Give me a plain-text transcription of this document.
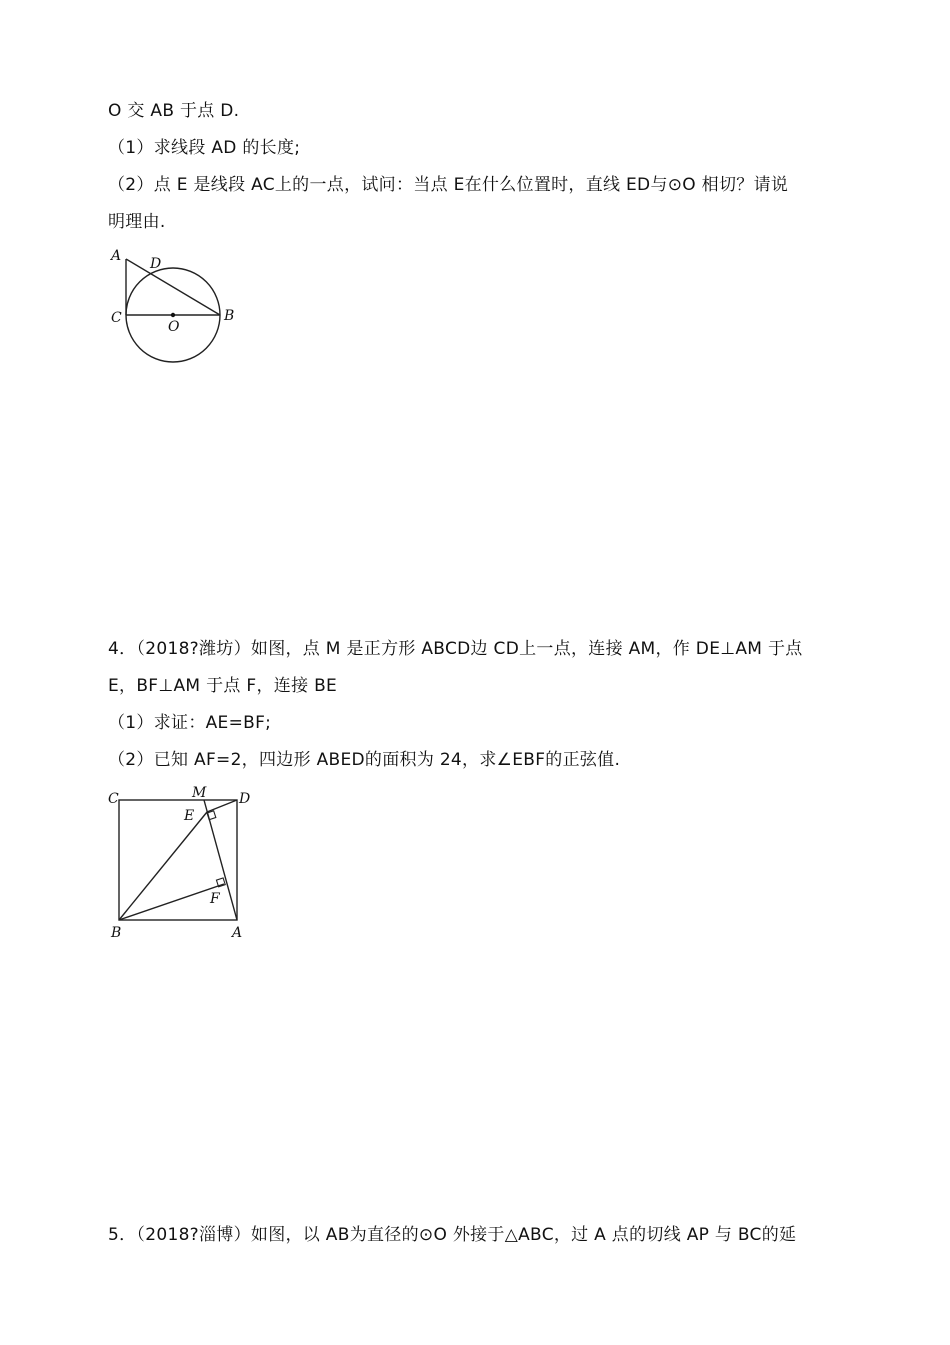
O 交 AB 于点 D.
（1）求线段 AD 的长度;
（2）点 E 是线段 AC上的一点，试问：当点 E在什么位置时，直线 ED与⊙O 相切？请说
明理由.
A D
C
O
B
4．（2018?潍坊）如图，点 M 是正方形 ABCD边 CD上一点，连接 AM，作 DE⊥AM 于点
E，BF⊥AM 于点 F，连接 BE
（1）求证：AE=BF;
（2）已知 AF=2，四边形 ABED的面积为 24，求∠EBF的正弦值.
C	M D
E
F
B	A
5．（2018?淄博）如图，以 AB为直径的⊙O 外接于△ABC，过 A 点的切线 AP 与 BC的延
